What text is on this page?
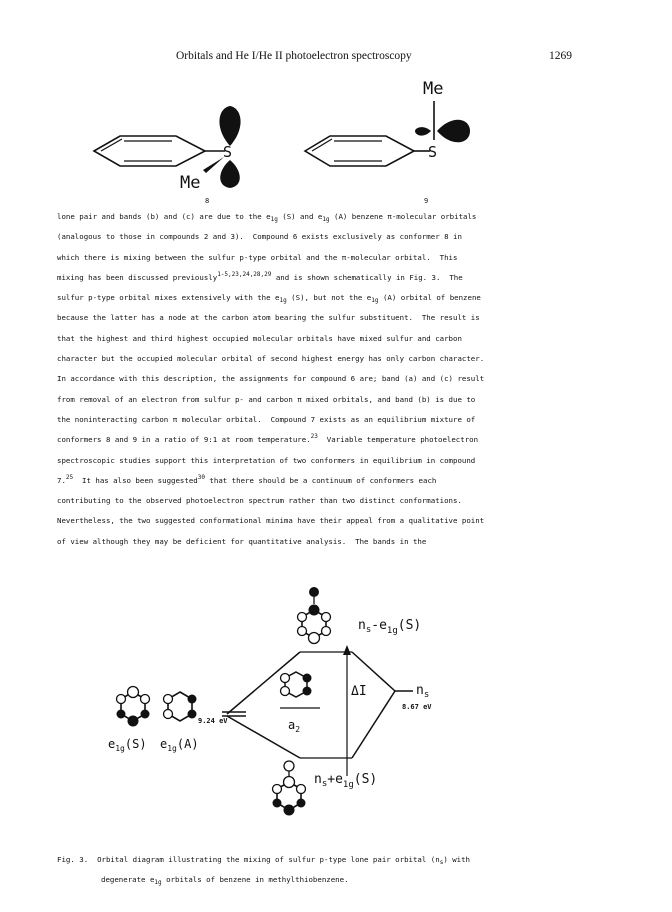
Orbitals and He I/He II photoelectron spectroscopy	1269
S
Me
8
S
Me
9
lone pair and bands (b) and (c) are due to the $e_{1g}$ (S) and $e_{1g}$ (A) benzene π-molecular orbitals
(analogous to those in compounds 2 and 3).  Compound 6 exists exclusively as conformer 8 in
which there is mixing between the sulfur p-type orbital and the π-molecular orbital.  This
mixing has been discussed previously$^{1-5,23,24,28,29}$ and is shown schematically in Fig. 3.  The
sulfur p-type orbital mixes extensively with the $e_{1g}$ (S), but not the $e_{1g}$ (A) orbital of benzene
because the latter has a node at the carbon atom bearing the sulfur substituent.  The result is
that the highest and third highest occupied molecular orbitals have mixed sulfur and carbon
character but the occupied molecular orbital of second highest energy has only carbon character.
In accordance with this description, the assignments for compound 6 are; band (a) and (c) result
from removal of an electron from sulfur p- and carbon π mixed orbitals, and band (b) is due to
the noninteracting carbon π molecular orbital.  Compound 7 exists as an equilibrium mixture of
conformers 8 and 9 in a ratio of 9:1 at room temperature.$^{23}$  Variable temperature photoelectron
spectroscopic studies support this interpretation of two conformers in equilibrium in compound
7.25  It has also been suggested$^{30}$ that there should be a continuum of conformers each
contributing to the observed photoelectron spectrum rather than two distinct conformations.
Nevertheless, the two suggested conformational minima have their appeal from a qualitative point
of view although they may be deficient for quantitative analysis.  The bands in the
$n_s-e_{1g}(S)$
$a_2$
ΔI	$n_s$
8.67 eV
9.24 eV
$e_{1g}(S)$ $e_{1g}(A)$
$n_s+e_{1g}(S)$
Fig. 3. Orbital diagram illustrating the mixing of sulfur p-type lone pair orbital $(n_s)$ with
degenerate $e_{1g}$ orbitals of benzene in methylthiobenzene.
